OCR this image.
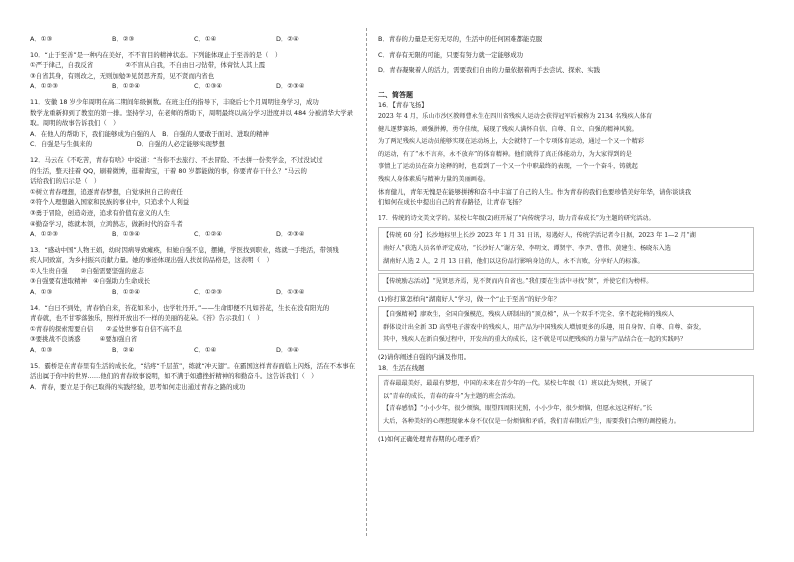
A．①③	B．②③	C．①④	D．②④
10．“止于至善”是一种内在美好，不不盲目的精神状态。下列能体现止于至善的是（　）
①严于律己，自我反省　　　　　②不盲从自我，不自由日刁钻带，体膏钛人其上霞
③自省其身，有则改之，无则加勉③见贤思齐焉，见不贤而内省也
A．①②③	B．①②④	C．①③④	D．②③④
11．安徽 18 岁少年周明在高二期间年级倒数。在班主任的指导下，丰晓后七个月周明往身学习，成功
数学龙重新抑到了教室的第一排。坚持学习，在老师的帮助下，周明最终以高分学习进度并以 484 分被清华大学录
取。周明的故事告诉我们（　）
A．在他人的帮助下，我们能够成为自强的人　B．自强的人要敢于面对、进取的精神
C．自强是与生俱来的　　　　　　　D．自强的人必定能够实现梦想
12．马云在《不吃苦，青春有啥》中说道：“当你不去旅行、不去冒险、不去拼一份奖学金，不过没试过
的生活，整天挂着 QQ，刷着微博，逛着淘宝，干着 80 岁都能做的事，你要青春干什么？”马云的
话给我们的启示是（　）
①树立青春理想，追逐青春梦想，自觉承担自己的责任
②符个人理想融入国家和民族的事业中，只追求个人利益
③勇于冒险，创造奇迹，追求有价值有意义的人生
④勤奋学习，练就本领，立鸿鹄志，做新时代的奋斗者
A．①②③	B．①③④	C．①②④	D．②③④
13．“感动中国”人物王娟，幼时因病导致瘫痪，但她自强不息，摆摊，学医找到职业，练就一手绝活，带领残
疾人同致富，为乡村振兴贡献力量。她的事迹体现出强人扶贫的品格是，这表明（　）
①人生贵自强　　②自强需要坚强的意志
③自强要有进取精神　④自强助力生命成长
A．①③	B．①②④	C．①②③	D．①③④
14．“白日不到处，青春恰自来，苔花如米小，也学牡丹开。”——生命即便不凡如苔花，生长在没有阳光的
青春就，也不甘零落独乐，照样开放出不一样的美丽的花朵。《苔》告示我们（　）
①青春的探索需要自信　　②孟处世事有自信不高不息
③要挑战不良诱惑　　　④要加强自省
A．①③	B．②④	C．①④	D．③④
15．霸桥是在青春里有生活的成长化，“结疼“千层茧”，练就“冲天翅”。在霸国这样青春面临上闪烁，活在不本事在
活出属于你中的世界……他们的青春故事说明，如不满于如遭挫折精神的和勤奋斗。这告诉我们（　）
A．青春，要立足于你已取得的实践经验，思考如何走出通过青春之路的成功
B．青春的力量是无穷无尽的，生活中的任何困难都能克服
C．青春有无限的可能，只要有努力就一定能够成功
D．青春凝聚着人的活力，需要我们自由的力量依据着两手去尝试、探索、实践
二、简答题
16．【青春飞扬】
2023 年 4 月，乐山市沙区教师曹永生在四川省残疾人运动会获得冠军后被称为 2134 名残疾人体育
健儿逐梦赛场，顽强拼搏，勇夺佳绩，展现了残疾人满怀自信、自尊、自立、自强的精神风貌。
为了两足残疾人运动员能够实现在运动场上，大会就特了一个专项体育运动，通过一个又一个精彩
的运动，有了“永不言弃，永不放弃”的体育精神。他们就得了真正体能动力，为大家得到的是
事情上了运动员在奋力诠释的时，也看到了一个又一个中职最终的表现，一个一个奋斗，铸就起
残疾人身体素质与精神力量的美丽画卷。
体育健儿，青年无愧是在能够拼搏和奋斗中丰富了自己的人生。作为青春的我们也要珍惜美好年华，请你谈谈我
们如何在成长中提出自己的青春路径，让青春飞扬？
17．传统的诗文美文学的。某校七年级(2)班开展了“向传统学习，助力青春成长”为主题的研究活动。
【传统 60 分】长沙地标里上长沙 2023 年 1 月 31 日讯，易遇好人，传统学活记者今日据，2023 年 1—2 月“湖
南好人”获选人员名单评定成功，“长沙好人”谢方荣、李明文、谭贤宇、李尹、曹伟、黄建生、杨晓东入选
湖南好人选 2 人，2 月 13 日前，他们以这份品行影响身边的人，永不言败，分享好人的标准。
【传统励志活动】“见贤思齐焉，见不贤而内自省也。”我们要在生活中寻找“贤”，并使它们为榜样。
(1)你打算怎样向“湖南好人”学习，做一个“止于至善”的好少年？
【自强精神】廖欢生，全国自强模范，残疾人研制出的“顶点梯”，从一个双手不完全、拿不起轮椅的残疾人
群体设计出全新 3D 高型电子游戏中的残疾人，用产品为中国残疾人增加更多的乐趣，用自身智、自尊、自尊、奋发，
其中，残疾人在新自强过程中，开发出的重大的成长，这不就是可以把残疾的力量与产品结合在一起的实践吗？
(2)请你阐述自强的内涵及作用。
18．生活在线题
青春最最美好，最最有梦想，中国的未来在青少年的一代。某校七年级（1）班以此为契机，开展了
以“青春的成长，青春的奋斗”为主题的班会活动。
【青春感悟】“小小少年，很少烦恼，眼望四周阳光照，小小少年，很少烦恼，但愿永远这样好。”长
大后，各种美好的心理想现象本身不仅仅是一份烦恼和矛盾，我们青春期后产生，需要我们合理的调控能力。
(1)如何正确处理青春期的心理矛盾？
